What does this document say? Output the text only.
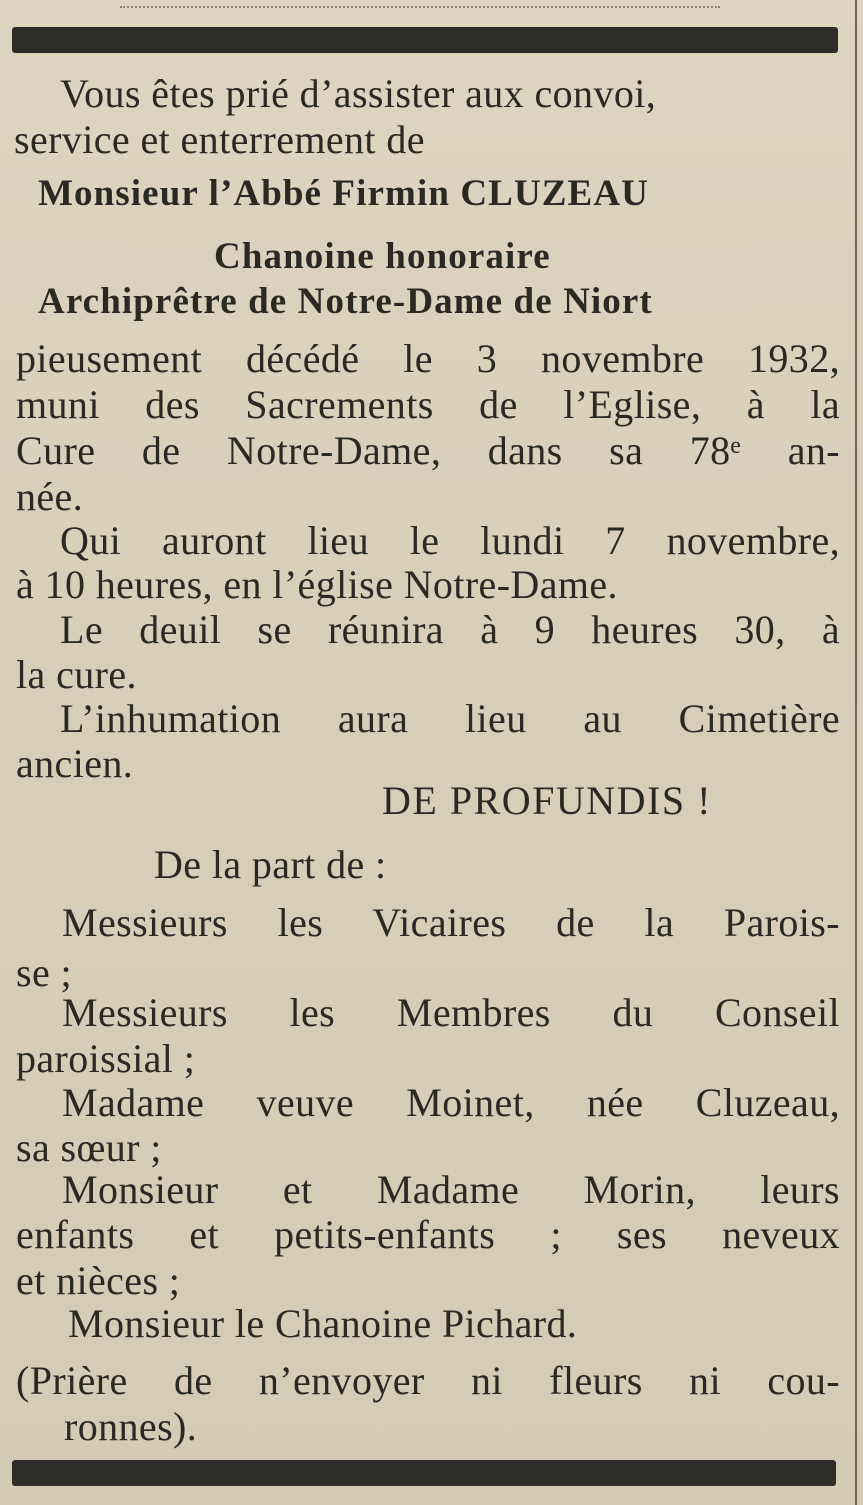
Vous êtes prié d’assister aux convoi,

service et enterrement de

Monsieur l’Abbé Firmin CLUZEAU

Chanoine honoraire

Archiprêtre de Notre-Dame de Niort

pieusement décédé le 3 novembre 1932,

muni des Sacrements de l’Eglise, à la

Cure de Notre-Dame, dans sa 78ᵉ an-

née.

Qui auront lieu le lundi 7 novembre,

à 10 heures, en l’église Notre-Dame.

Le deuil se réunira à 9 heures 30, à

la cure.

L’inhumation aura lieu au Cimetière

ancien.

DE PROFUNDIS !

De la part de :

Messieurs les Vicaires de la Parois-

se ;

Messieurs les Membres du Conseil

paroissial ;

Madame veuve Moinet, née Cluzeau,

sa sœur ;

Monsieur et Madame Morin, leurs

enfants et petits-enfants ; ses neveux

et nièces ;

Monsieur le Chanoine Pichard.

(Prière de n’envoyer ni fleurs ni cou-

ronnes).
